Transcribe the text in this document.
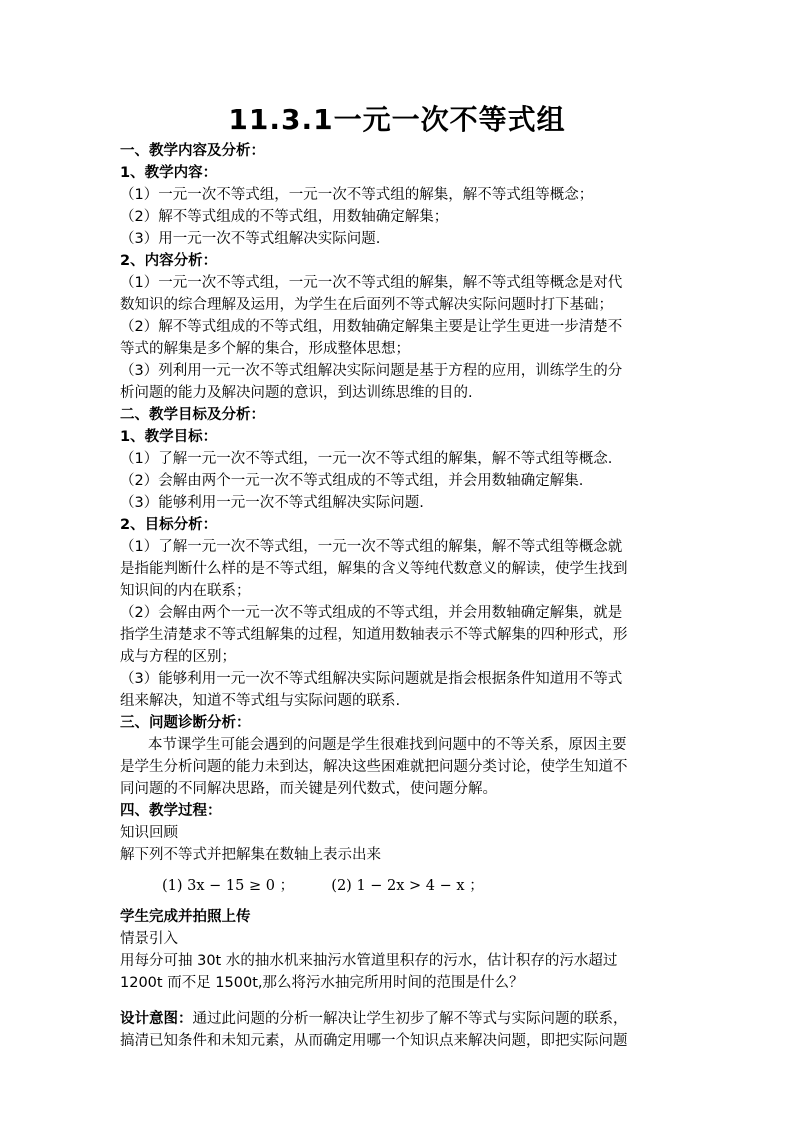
11.3.1一元一次不等式组
一、教学内容及分析：
1、教学内容：
（1）一元一次不等式组，一元一次不等式组的解集，解不等式组等概念；
（2）解不等式组成的不等式组，用数轴确定解集；
（3）用一元一次不等式组解决实际问题.
2、内容分析：
（1）一元一次不等式组，一元一次不等式组的解集，解不等式组等概念是对代
数知识的综合理解及运用，为学生在后面列不等式解决实际问题时打下基础；
（2）解不等式组成的不等式组，用数轴确定解集主要是让学生更进一步清楚不
等式的解集是多个解的集合，形成整体思想；
（3）列利用一元一次不等式组解决实际问题是基于方程的应用，训练学生的分
析问题的能力及解决问题的意识，到达训练思维的目的.
二、教学目标及分析：
1、教学目标：
（1）了解一元一次不等式组，一元一次不等式组的解集，解不等式组等概念.
（2）会解由两个一元一次不等式组成的不等式组，并会用数轴确定解集.
（3）能够利用一元一次不等式组解决实际问题.
2、目标分析：
（1）了解一元一次不等式组，一元一次不等式组的解集，解不等式组等概念就
是指能判断什么样的是不等式组，解集的含义等纯代数意义的解读，使学生找到
知识间的内在联系；
（2）会解由两个一元一次不等式组成的不等式组，并会用数轴确定解集，就是
指学生清楚求不等式组解集的过程，知道用数轴表示不等式解集的四种形式，形
成与方程的区别；
（3）能够利用一元一次不等式组解决实际问题就是指会根据条件知道用不等式
组来解决，知道不等式组与实际问题的联系.
三、问题诊断分析：
本节课学生可能会遇到的问题是学生很难找到问题中的不等关系，原因主要
是学生分析问题的能力未到达，解决这些困难就把问题分类讨论，使学生知道不
同问题的不同解决思路，而关键是列代数式，使问题分解。
四、教学过程：
知识回顾
解下列不等式并把解集在数轴上表示出来
(1) 3x − 15 ≥ 0 ；	(2) 1 − 2x > 4 − x ；
学生完成并拍照上传
情景引入
用每分可抽 30t 水的抽水机来抽污水管道里积存的污水，估计积存的污水超过
1200t 而不足 1500t,那么将污水抽完所用时间的范围是什么？
设计意图：通过此问题的分析一解决让学生初步了解不等式与实际问题的联系，
搞清已知条件和未知元素，从而确定用哪一个知识点来解决问题，即把实际问题
